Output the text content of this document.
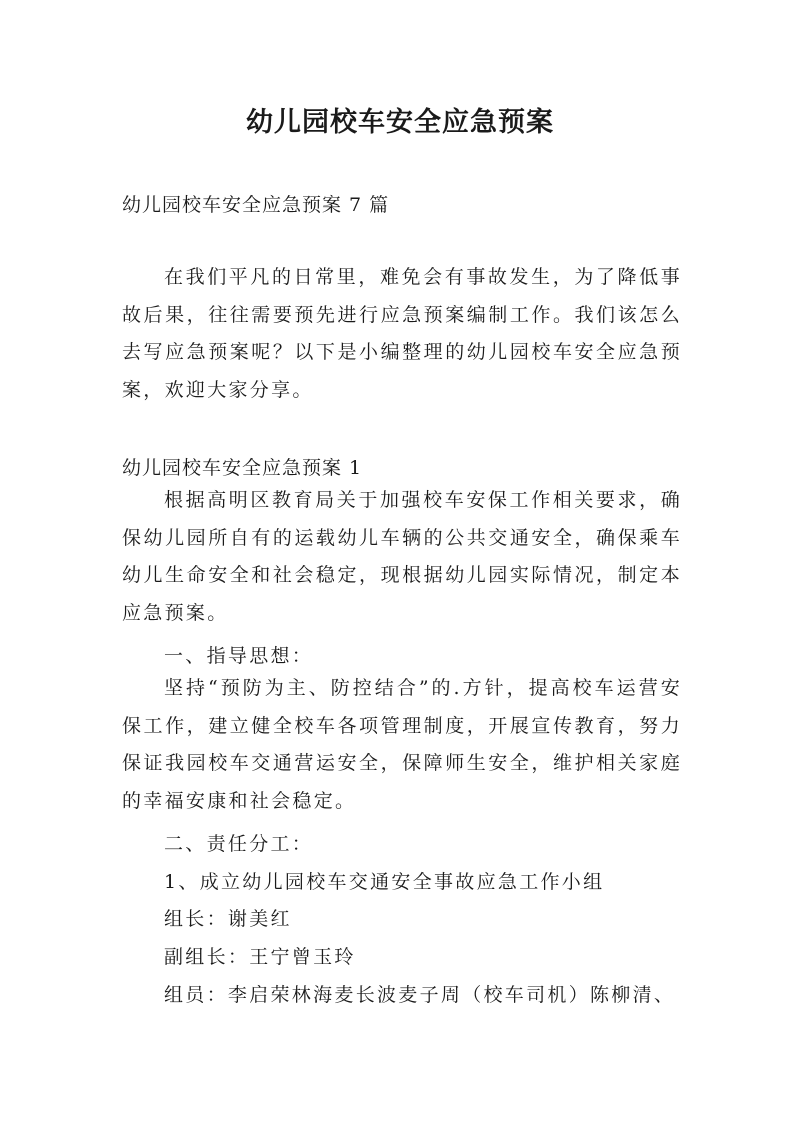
幼儿园校车安全应急预案

幼儿园校车安全应急预案 7 篇

在我们平凡的日常里，难免会有事故发生，为了降低事故后果，往往需要预先进行应急预案编制工作。我们该怎么去写应急预案呢？以下是小编整理的幼儿园校车安全应急预案，欢迎大家分享。

幼儿园校车安全应急预案 1

根据高明区教育局关于加强校车安保工作相关要求，确保幼儿园所自有的运载幼儿车辆的公共交通安全，确保乘车幼儿生命安全和社会稳定，现根据幼儿园实际情况，制定本应急预案。

一、指导思想：

坚持“预防为主、防控结合”的.方针，提高校车运营安保工作，建立健全校车各项管理制度，开展宣传教育，努力保证我园校车交通营运安全，保障师生安全，维护相关家庭的幸福安康和社会稳定。

二、责任分工：

1、成立幼儿园校车交通安全事故应急工作小组

组长：谢美红

副组长：王宁曾玉玲

组员：李启荣林海麦长波麦子周（校车司机）陈柳清、
